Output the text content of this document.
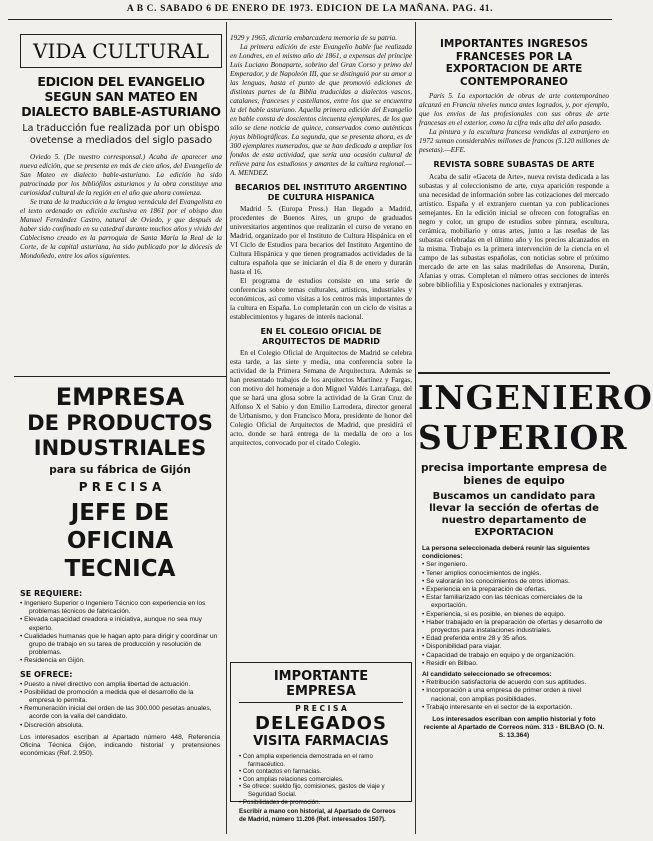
A B C. SABADO 6 DE ENERO DE 1973. EDICION DE LA MAÑANA. PAG. 41.
VIDA CULTURAL

EDICION DEL EVANGELIO SEGUN SAN MATEO EN DIALECTO BABLE-ASTURIANO

La traducción fue realizada por un obispo ovetense a mediados del siglo pasado

Oviedo 5. (De nuestro corresponsal.) Acaba de aparecer una nueva edición, que se presenta en más de cien años, del Evangelio de San Mateo en dialecto bable-asturiano. La edición ha sido patrocinada por los bibliófilos asturianos y la obra constituye una curiosidad cultural de la región en el año que ahora comienza.

Se trata de la traducción a la lengua vernácula del Evangelista en el texto ordenado en edición exclusiva en 1861 por el obispo don Manuel Fernández Castro, natural de Oviedo, y que después de haber sido confinado en su catedral durante muchos años y vivido del Cablecismo creado en la parroquia de Santa María la Real de la Corte, de la capital asturiana, ha sido publicado por la diócesis de Mondoñedo, entre los años siguientes.

EMPRESA

DE PRODUCTOS

INDUSTRIALES

para su fábrica de Gijón

P R E C I S A

JEFE DE OFICINA

TECNICA

SE REQUIERE:

• Ingeniero Superior o Ingeniero Técnico con experiencia en los problemas técnicos de fabricación.
• Elevada capacidad creadora e iniciativa, aunque no sea muy experto.
• Cualidades humanas que le hagan apto para dirigir y coordinar un grupo de trabajo en su tarea de producción y resolución de problemas.
• Residencia en Gijón.

SE OFRECE:

• Puesto a nivel directivo con amplia libertad de actuación.
• Posibilidad de promoción a medida que el desarrollo de la empresa lo permita.
• Remuneración inicial del orden de las 300.000 pesetas anuales, acorde con la valía del candidato.
• Discreción absoluta.

Los interesados escriban al Apartado número 448, Referencia Oficina Técnica Gijón, indicando historial y pretensiones económicas (Ref. 2.950).

1929 y 1965, dictaría embarcadera memoria de su patria.

La primera edición de este Evangelio bable fue realizada en Londres, en el mismo año de 1861, a expensas del príncipe Luis Luciano Bonaparte, sobrino del Gran Corso y primo del Emperador, y de Napoleón III, que se distinguió por su amor a las lenguas, hasta el punto de que promovió ediciones de distintas partes de la Biblia traducidas a dialectos vascos, catalanes, franceses y castellanos, entre los que se encuentra la del bable asturiano. Aquella primera edición del Evangelio en bable consta de doscientos cincuenta ejemplares, de los que sólo se tiene noticia de quince, conservados como auténticas joyas bibliográficas. La segunda, que se presenta ahora, es de 300 ejemplares numerados, que se han dedicado a ampliar los fondos de esta actividad, que sería una ocasión cultural de relieve para los estudiosos y amantes de la cultura regional.—A. MENDEZ.

BECARIOS DEL INSTITUTO ARGENTINO DE CULTURA HISPANICA

Madrid 5. (Europa Press.) Han llegado a Madrid, procedentes de Buenos Aires, un grupo de graduados universitarios argentinos que realizarán el curso de verano en Madrid, organizado por el Instituto de Cultura Hispánica en el VI Ciclo de Estudios para becarios del Instituto Argentino de Cultura Hispánica y que tienen programados actividades de la cultura española que se iniciarán el día 8 de enero y durarán hasta el 16.

El programa de estudios consiste en una serie de conferencias sobre temas culturales, artísticos, industriales y económicos, así como visitas a los centros más importantes de la cultura en España. Lo completarán con un ciclo de visitas a establecimientos y lugares de interés nacional.

EN EL COLEGIO OFICIAL DE ARQUITECTOS DE MADRID

En el Colegio Oficial de Arquitectos de Madrid se celebra esta tarde, a las siete y media, una conferencia sobre la actividad de la Primera Semana de Arquitectura. Además se han presentado trabajos de los arquitectos Martínez y Fargas, con motivo del homenaje a don Miguel Valdés Larrañaga, del que se hará una glosa sobre la actividad de la Gran Cruz de Alfonso X el Sabio y don Emilio Larrodera, director general de Urbanismo, y don Francisco Mora, presidente de honor del Colegio Oficial de Arquitectos de Madrid, que presidirá el acto, donde se hará entrega de la medalla de oro a los arquitectos, convocado por el citado Colegio.

IMPORTANTE EMPRESA

P R E C I S A

DELEGADOS

VISITA FARMACIAS

• Con amplia experiencia demostrada en el ramo farmacéutico.
• Con contactos en farmacias.
• Con amplias relaciones comerciales.
• Se ofrece: sueldo fijo, comisiones, gastos de viaje y Seguridad Social.
• Posibilidades de promoción.

Escribir a mano con historial, al Apartado de Correos de Madrid, número 11.206 (Ref. interesados 1507).

IMPORTANTES INGRESOS FRANCESES POR LA EXPORTACION DE ARTE CONTEMPORANEO

París 5. La exportación de obras de arte contemporáneo alcanzó en Francia niveles nunca antes logrados, y, por ejemplo, que los envíos de las profesionales con sus obras de arte francesas en el exterior, como la cifra más alta del año pasado.

La pintura y la escultura francesa vendidas al extranjero en 1972 suman considerables millones de francos (5.120 millones de pesetas).—EFE.

REVISTA SOBRE SUBASTAS DE ARTE

Acaba de salir «Gaceta de Arte», nueva revista dedicada a las subastas y al coleccionismo de arte, cuya aparición responde a una necesidad de información sobre las cotizaciones del mercado artístico. España y el extranjero cuentan ya con publicaciones semejantes. En la edición inicial se ofrecen con fotografías en negro y color, un grupo de estudios sobre pintura, escultura, cerámica, mobiliario y otras artes, junto a las reseñas de las subastas celebradas en el último año y los precios alcanzados en la misma. Trabajo es la primera intervención de la ciencia en el campo de las subastas españolas, con noticias sobre el próximo mercado de arte en las salas madrileñas de Ansorena, Durán, Afanias y otras. Completan el número otras secciones de interés sobre bibliofilia y Exposiciones nacionales y extranjeras.

INGENIERO

SUPERIOR

precisa importante empresa de bienes de equipo

Buscamos un candidato para llevar la sección de ofertas de nuestro departamento de EXPORTACION

La persona seleccionada deberá reunir las siguientes condiciones:

• Ser ingeniero.
• Tener amplios conocimientos de inglés.
• Se valorarán los conocimientos de otros idiomas.
• Experiencia en la preparación de ofertas.
• Estar familiarizado con las técnicas comerciales de la exportación.
• Experiencia, si es posible, en bienes de equipo.
• Haber trabajado en la preparación de ofertas y desarrollo de proyectos para instalaciones industriales.
• Edad preferida entre 28 y 35 años.
• Disponibilidad para viajar.
• Capacidad de trabajo en equipo y de organización.
• Residir en Bilbao.

Al candidato seleccionado se ofrecemos:

• Retribución satisfactoria de acuerdo con sus aptitudes.
• Incorporación a una empresa de primer orden a nivel nacional, con amplias posibilidades.
• Trabajo interesante en el sector de la exportación.

Los interesados escriban con amplio historial y foto reciente al Apartado de Correos núm. 313 - BILBAO (O. N. S. 13.364)
